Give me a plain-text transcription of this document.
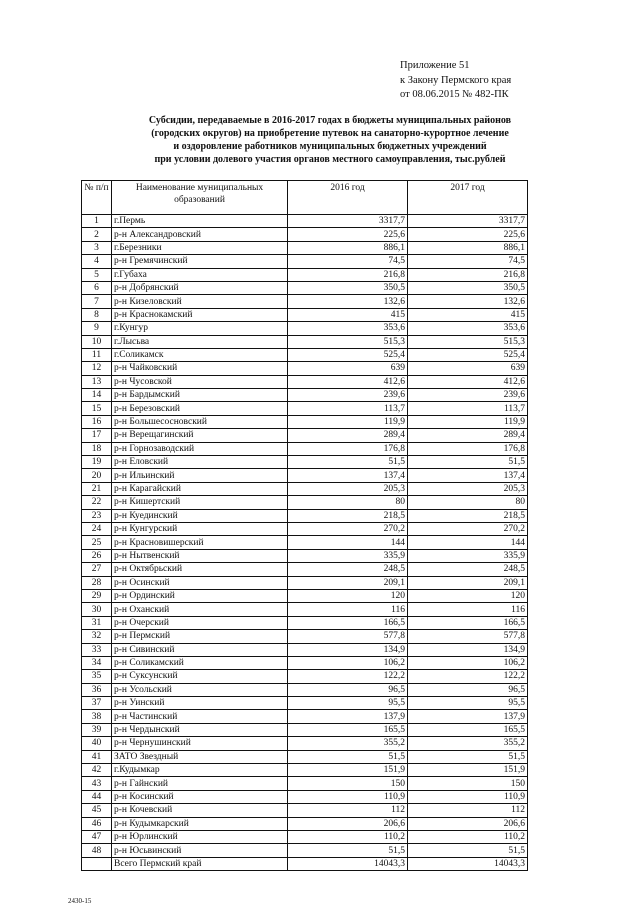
Приложение 51
к Закону Пермского края
от 08.06.2015 № 482-ПК
Субсидии, передаваемые в 2016-2017 годах в бюджеты муниципальных районов
(городских округов) на приобретение путевок на санаторно-курортное лечение
и оздоровление работников муниципальных бюджетных учреждений
при условии долевого участия органов местного самоуправления, тыс.рублей
№ п/п	Наименование муниципальных образований	2016 год	2017 год
1	г.Пермь	3317,7	3317,7
2	р-н Александровский	225,6	225,6
3	г.Березники	886,1	886,1
4	р-н Гремячинский	74,5	74,5
5	г.Губаха	216,8	216,8
6	р-н Добрянский	350,5	350,5
7	р-н Кизеловский	132,6	132,6
8	р-н Краснокамский	415	415
9	г.Кунгур	353,6	353,6
10	г.Лысьва	515,3	515,3
11	г.Соликамск	525,4	525,4
12	р-н Чайковский	639	639
13	р-н Чусовской	412,6	412,6
14	р-н Бардымский	239,6	239,6
15	р-н Березовский	113,7	113,7
16	р-н Большесосновский	119,9	119,9
17	р-н Верещагинский	289,4	289,4
18	р-н Горнозаводский	176,8	176,8
19	р-н Еловский	51,5	51,5
20	р-н Ильинский	137,4	137,4
21	р-н Карагайский	205,3	205,3
22	р-н Кишертский	80	80
23	р-н Куединский	218,5	218,5
24	р-н Кунгурский	270,2	270,2
25	р-н Красновишерский	144	144
26	р-н Нытвенский	335,9	335,9
27	р-н Октябрьский	248,5	248,5
28	р-н Осинский	209,1	209,1
29	р-н Ординский	120	120
30	р-н Оханский	116	116
31	р-н Очерский	166,5	166,5
32	р-н Пермский	577,8	577,8
33	р-н Сивинский	134,9	134,9
34	р-н Соликамский	106,2	106,2
35	р-н Суксунский	122,2	122,2
36	р-н Усольский	96,5	96,5
37	р-н Уинский	95,5	95,5
38	р-н Частинский	137,9	137,9
39	р-н Чердынский	165,5	165,5
40	р-н Чернушинский	355,2	355,2
41	ЗАТО Звездный	51,5	51,5
42	г.Кудымкар	151,9	151,9
43	р-н Гайнский	150	150
44	р-н Косинский	110,9	110,9
45	р-н Кочевский	112	112
46	р-н Кудымкарский	206,6	206,6
47	р-н Юрлинский	110,2	110,2
48	р-н Юсьвинский	51,5	51,5
	Всего Пермский край	14043,3	14043,3
2430-15
